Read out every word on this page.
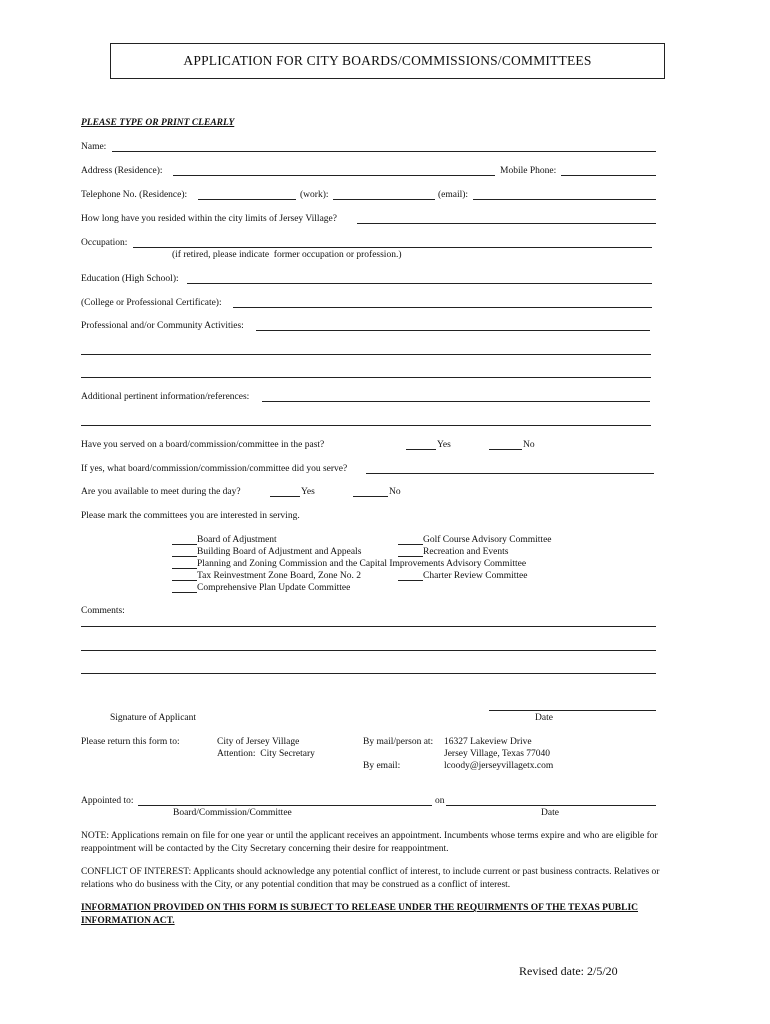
APPLICATION FOR CITY BOARDS/COMMISSIONS/COMMITTEES
PLEASE TYPE OR PRINT CLEARLY
Name:
Address (Residence):	Mobile Phone:
Telephone No. (Residence):	(work):	(email):
How long have you resided within the city limits of Jersey Village?
Occupation:
(if retired, please indicate  former occupation or profession.)
Education (High School):
(College or Professional Certificate):
Professional and/or Community Activities:
Additional pertinent information/references:
Have you served on a board/commission/committee in the past?	Yes	No
If yes, what board/commission/commission/committee did you serve?
Are you available to meet during the day?	Yes	No
Please mark the committees you are interested in serving.
Board of Adjustment
Building Board of Adjustment and Appeals
Planning and Zoning Commission and the Capital Improvements Advisory Committee
Tax Reinvestment Zone Board, Zone No. 2
Comprehensive Plan Update Committee
Golf Course Advisory Committee
Recreation and Events
Charter Review Committee
Comments:
Signature of Applicant	Date
Please return this form to:	City of Jersey Village
Attention:  City Secretary
By mail/person at: 16327 Lakeview Drive
Jersey Village, Texas 77040
By email:	lcoody@jerseyvillagetx.com
Appointed to:	on
Board/Commission/Committee	Date

NOTE: Applications remain on file for one year or until the applicant receives an appointment. Incumbents whose terms expire and who are eligible for reappointment will be contacted by the City Secretary concerning their desire for reappointment.

CONFLICT OF INTEREST: Applicants should acknowledge any potential conflict of interest, to include current or past business contracts. Relatives or relations who do business with the City, or any potential condition that may be construed as a conflict of interest.

INFORMATION PROVIDED ON THIS FORM IS SUBJECT TO RELEASE UNDER THE REQUIRMENTS OF THE TEXAS PUBLIC INFORMATION ACT.

Revised date: 2/5/20
